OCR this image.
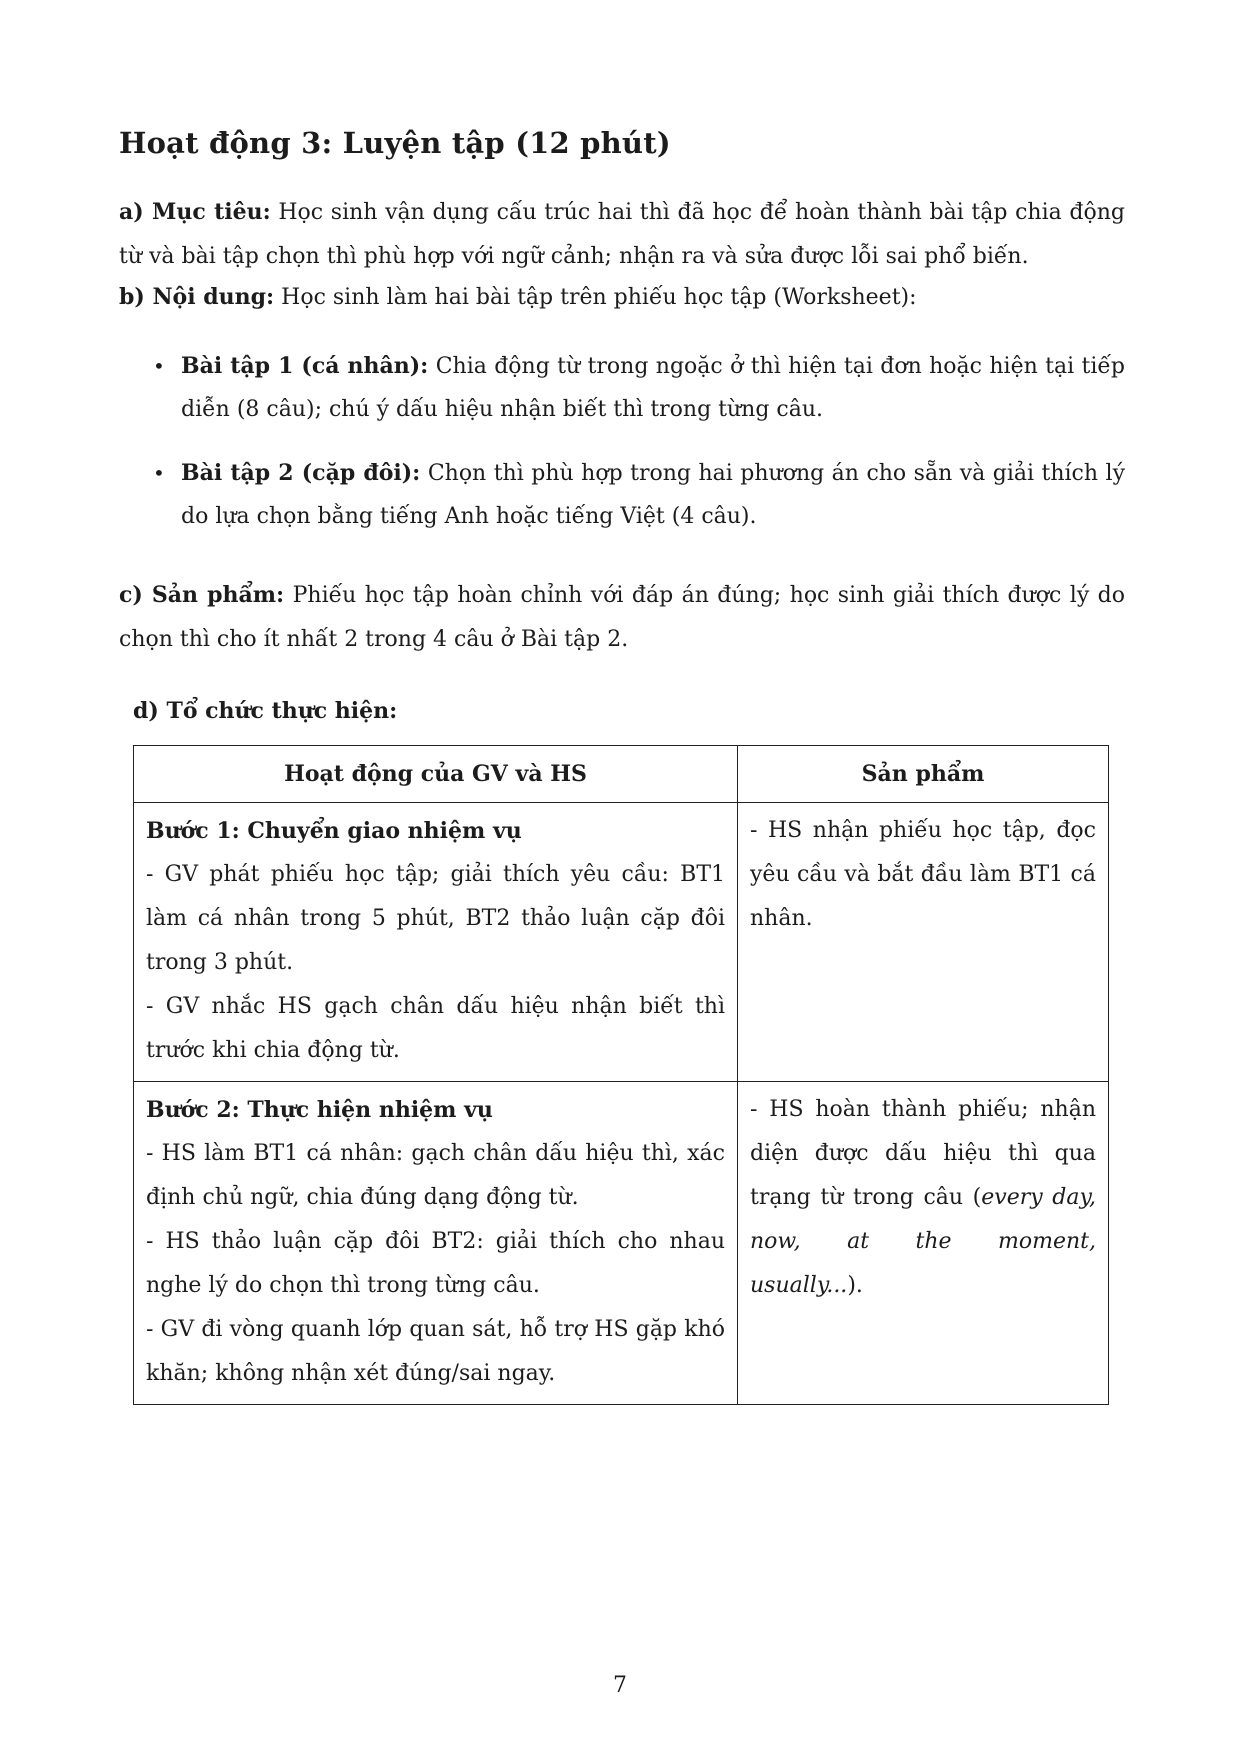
Hoạt động 3: Luyện tập (12 phút)

a) Mục tiêu: Học sinh vận dụng cấu trúc hai thì đã học để hoàn thành bài tập chia động từ và bài tập chọn thì phù hợp với ngữ cảnh; nhận ra và sửa được lỗi sai phổ biến.

b) Nội dung: Học sinh làm hai bài tập trên phiếu học tập (Worksheet):

• Bài tập 1 (cá nhân): Chia động từ trong ngoặc ở thì hiện tại đơn hoặc hiện tại tiếp diễn (8 câu); chú ý dấu hiệu nhận biết thì trong từng câu.
• Bài tập 2 (cặp đôi): Chọn thì phù hợp trong hai phương án cho sẵn và giải thích lý do lựa chọn bằng tiếng Anh hoặc tiếng Việt (4 câu).

c) Sản phẩm: Phiếu học tập hoàn chỉnh với đáp án đúng; học sinh giải thích được lý do chọn thì cho ít nhất 2 trong 4 câu ở Bài tập 2.

d) Tổ chức thực hiện:
Hoạt động của GV và HS	Sản phẩm

Bước 1: Chuyển giao nhiệm vụ
- GV phát phiếu học tập; giải thích yêu cầu: BT1 làm cá nhân trong 5 phút, BT2 thảo luận cặp đôi trong 3 phút.
- GV nhắc HS gạch chân dấu hiệu nhận biết thì trước khi chia động từ.	- HS nhận phiếu học tập, đọc yêu cầu và bắt đầu làm BT1 cá nhân.

Bước 2: Thực hiện nhiệm vụ
- HS làm BT1 cá nhân: gạch chân dấu hiệu thì, xác định chủ ngữ, chia đúng dạng động từ.
- HS thảo luận cặp đôi BT2: giải thích cho nhau nghe lý do chọn thì trong từng câu.
- GV đi vòng quanh lớp quan sát, hỗ trợ HS gặp khó khăn; không nhận xét đúng/sai ngay.	- HS hoàn thành phiếu; nhận diện được dấu hiệu thì qua trạng từ trong câu (every day, now, at the moment, usually...).
7
